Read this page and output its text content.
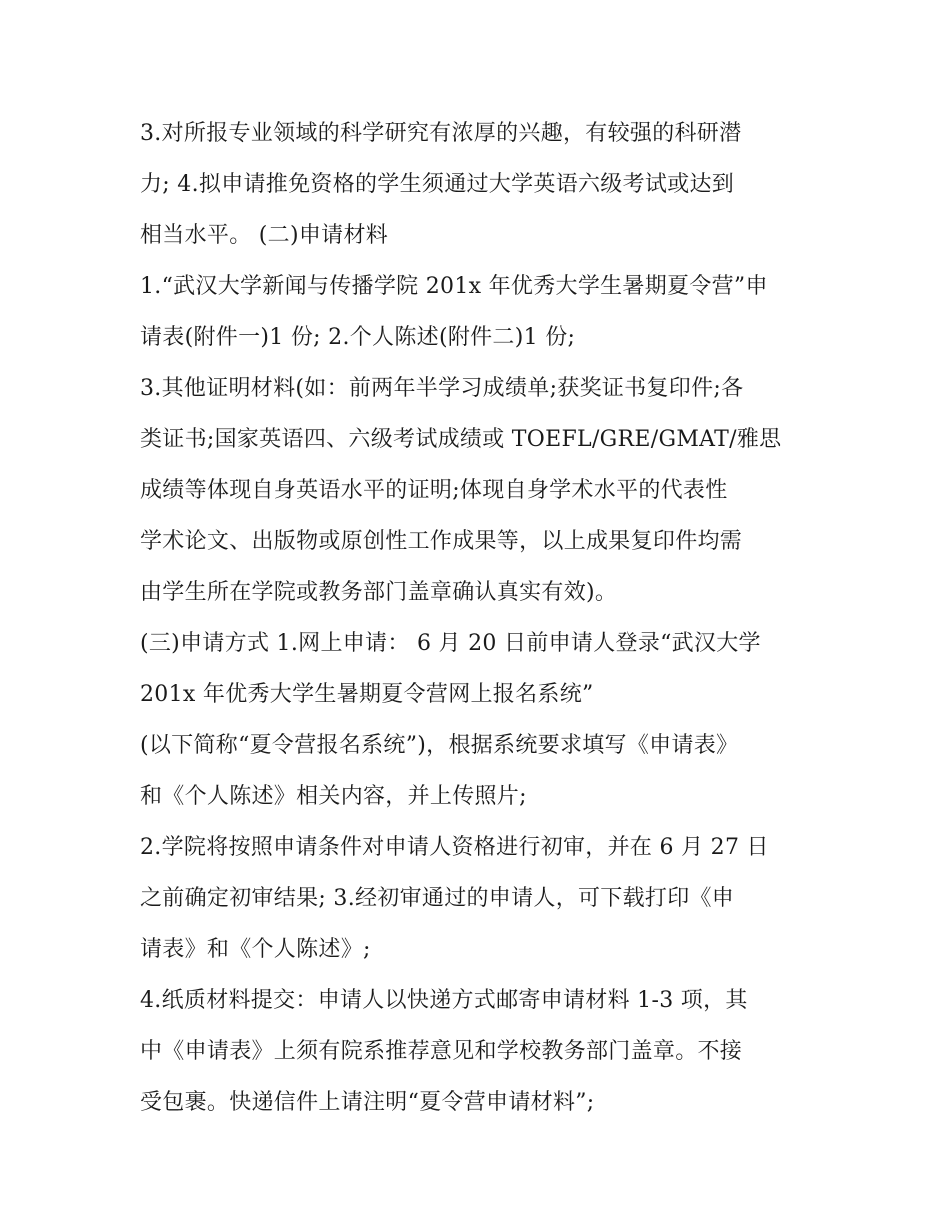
3.对所报专业领域的科学研究有浓厚的兴趣，有较强的科研潜
力; 4.拟申请推免资格的学生须通过大学英语六级考试或达到
相当水平。 (二)申请材料
1.“武汉大学新闻与传播学院 201x 年优秀大学生暑期夏令营”申
请表(附件一)1 份; 2.个人陈述(附件二)1 份;
3.其他证明材料(如：前两年半学习成绩单;获奖证书复印件;各
类证书;国家英语四、六级考试成绩或 TOEFL/GRE/GMAT/雅思
成绩等体现自身英语水平的证明;体现自身学术水平的代表性
学术论文、出版物或原创性工作成果等，以上成果复印件均需
由学生所在学院或教务部门盖章确认真实有效)。
(三)申请方式 1.网上申请： 6 月 20 日前申请人登录“武汉大学
201x 年优秀大学生暑期夏令营网上报名系统”
(以下简称“夏令营报名系统”)，根据系统要求填写《申请表》
和《个人陈述》相关内容，并上传照片;
2.学院将按照申请条件对申请人资格进行初审，并在 6 月 27 日
之前确定初审结果; 3.经初审通过的申请人，可下载打印《申
请表》和《个人陈述》;
4.纸质材料提交：申请人以快递方式邮寄申请材料 1-3 项，其
中《申请表》上须有院系推荐意见和学校教务部门盖章。不接
受包裹。快递信件上请注明“夏令营申请材料”;
